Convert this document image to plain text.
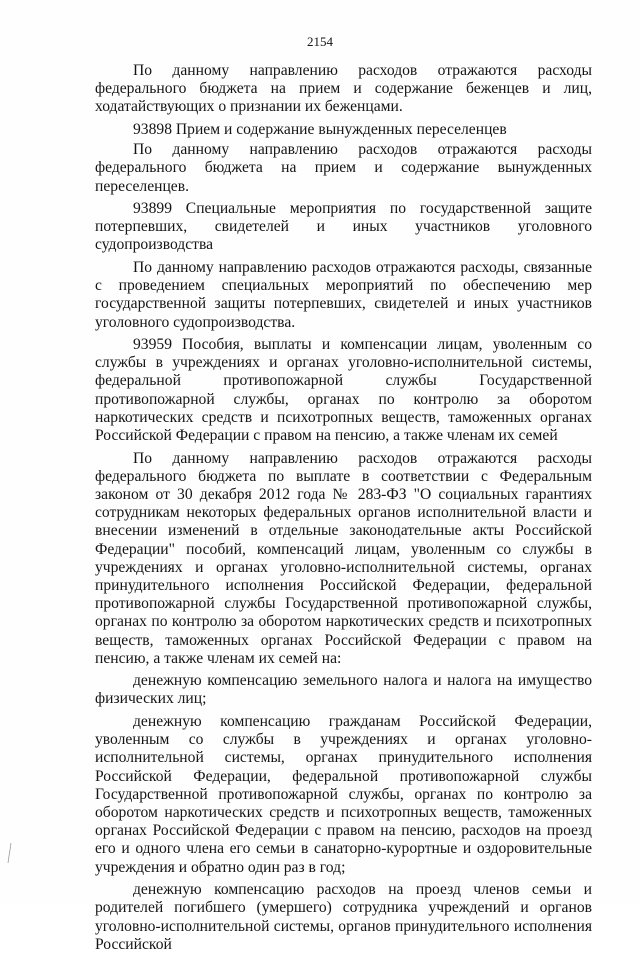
2154

По данному направлению расходов отражаются расходы федерального бюджета на прием и содержание беженцев и лиц, ходатайствующих о признании их беженцами.

93898 Прием и содержание вынужденных переселенцев

По данному направлению расходов отражаются расходы федерального бюджета на прием и содержание вынужденных переселенцев.

93899 Специальные мероприятия по государственной защите потерпевших, свидетелей и иных участников уголовного судопроизводства

По данному направлению расходов отражаются расходы, связанные с проведением специальных мероприятий по обеспечению мер государственной защиты потерпевших, свидетелей и иных участников уголовного судопроизводства.

93959 Пособия, выплаты и компенсации лицам, уволенным со службы в учреждениях и органах уголовно-исполнительной системы, федеральной противопожарной службы Государственной противопожарной службы, органах по контролю за оборотом наркотических средств и психотропных веществ, таможенных органах Российской Федерации с правом на пенсию, а также членам их семей

По данному направлению расходов отражаются расходы федерального бюджета по выплате в соответствии с Федеральным законом от 30 декабря 2012 года № 283-ФЗ "О социальных гарантиях сотрудникам некоторых федеральных органов исполнительной власти и внесении изменений в отдельные законодательные акты Российской Федерации" пособий, компенсаций лицам, уволенным со службы в учреждениях и органах уголовно-исполнительной системы, органах принудительного исполнения Российской Федерации, федеральной противопожарной службы Государственной противопожарной службы, органах по контролю за оборотом наркотических средств и психотропных веществ, таможенных органах Российской Федерации с правом на пенсию, а также членам их семей на:

денежную компенсацию земельного налога и налога на имущество физических лиц;

денежную компенсацию гражданам Российской Федерации, уволенным со службы в учреждениях и органах уголовно-исполнительной системы, органах принудительного исполнения Российской Федерации, федеральной противопожарной службы Государственной противопожарной службы, органах по контролю за оборотом наркотических средств и психотропных веществ, таможенных органах Российской Федерации с правом на пенсию, расходов на проезд его и одного члена его семьи в санаторно-курортные и оздоровительные учреждения и обратно один раз в год;

денежную компенсацию расходов на проезд членов семьи и родителей погибшего (умершего) сотрудника учреждений и органов уголовно-исполнительной системы, органов принудительного исполнения Российской
